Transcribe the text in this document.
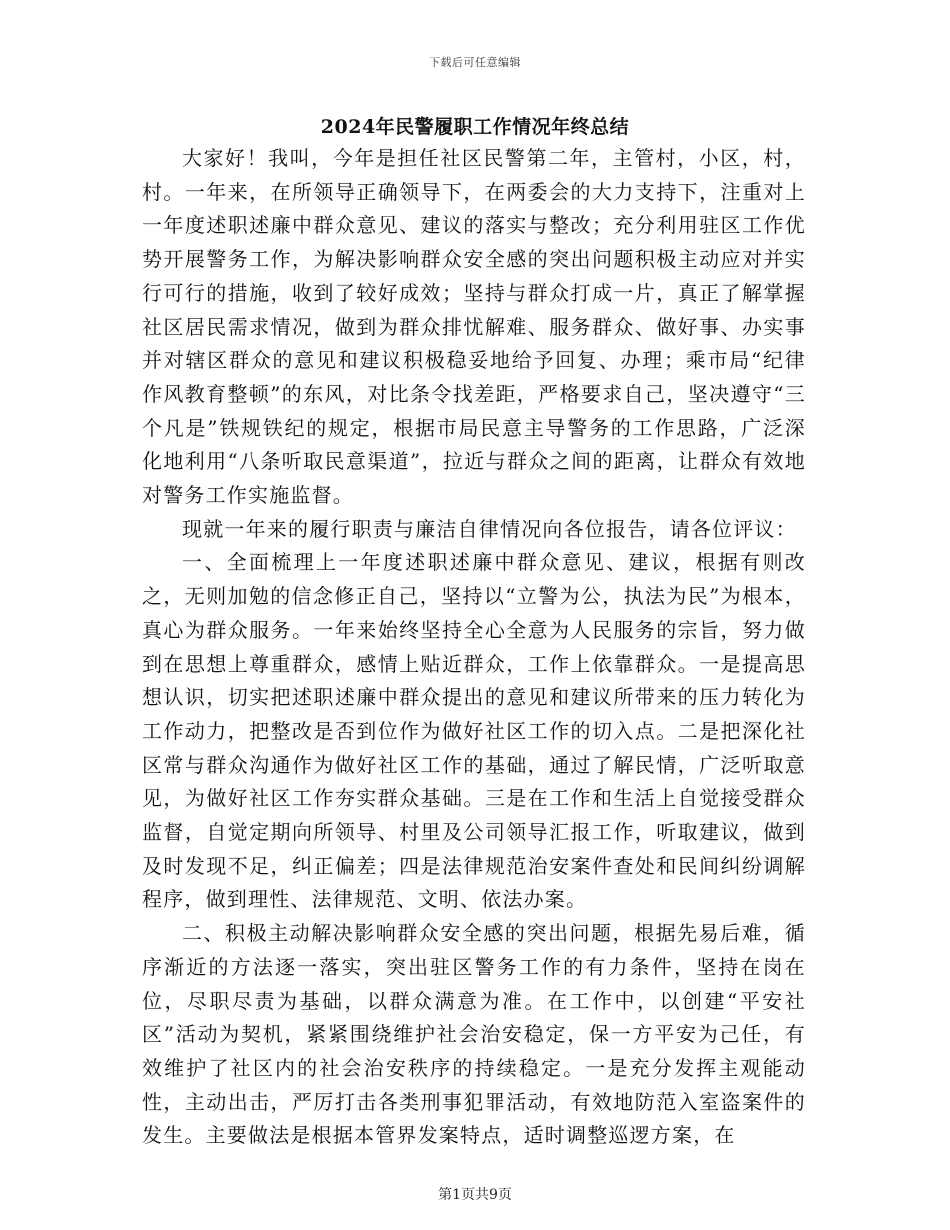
下载后可任意编辑
2024年民警履职工作情况年终总结

大家好！我叫，今年是担任社区民警第二年，主管村，小区，村，村。一年来，在所领导正确领导下，在两委会的大力支持下，注重对上一年度述职述廉中群众意见、建议的落实与整改；充分利用驻区工作优势开展警务工作，为解决影响群众安全感的突出问题积极主动应对并实行可行的措施，收到了较好成效；坚持与群众打成一片，真正了解掌握社区居民需求情况，做到为群众排忧解难、服务群众、做好事、办实事并对辖区群众的意见和建议积极稳妥地给予回复、办理；乘市局“纪律作风教育整顿”的东风，对比条令找差距，严格要求自己，坚决遵守“三个凡是”铁规铁纪的规定，根据市局民意主导警务的工作思路，广泛深化地利用“八条听取民意渠道”，拉近与群众之间的距离，让群众有效地对警务工作实施监督。

现就一年来的履行职责与廉洁自律情况向各位报告，请各位评议：

一、全面梳理上一年度述职述廉中群众意见、建议，根据有则改之，无则加勉的信念修正自己，坚持以“立警为公，执法为民”为根本，真心为群众服务。一年来始终坚持全心全意为人民服务的宗旨，努力做到在思想上尊重群众，感情上贴近群众，工作上依靠群众。一是提高思想认识，切实把述职述廉中群众提出的意见和建议所带来的压力转化为工作动力，把整改是否到位作为做好社区工作的切入点。二是把深化社区常与群众沟通作为做好社区工作的基础，通过了解民情，广泛听取意见，为做好社区工作夯实群众基础。三是在工作和生活上自觉接受群众监督，自觉定期向所领导、村里及公司领导汇报工作，听取建议，做到及时发现不足，纠正偏差；四是法律规范治安案件查处和民间纠纷调解程序，做到理性、法律规范、文明、依法办案。

二、积极主动解决影响群众安全感的突出问题，根据先易后难，循序渐近的方法逐一落实，突出驻区警务工作的有力条件，坚持在岗在位，尽职尽责为基础，以群众满意为准。在工作中，以创建“平安社区”活动为契机，紧紧围绕维护社会治安稳定，保一方平安为己任，有效维护了社区内的社会治安秩序的持续稳定。一是充分发挥主观能动性，主动出击，严厉打击各类刑事犯罪活动，有效地防范入室盗案件的发生。主要做法是根据本管界发案特点，适时调整巡逻方案，在

第1页共9页
